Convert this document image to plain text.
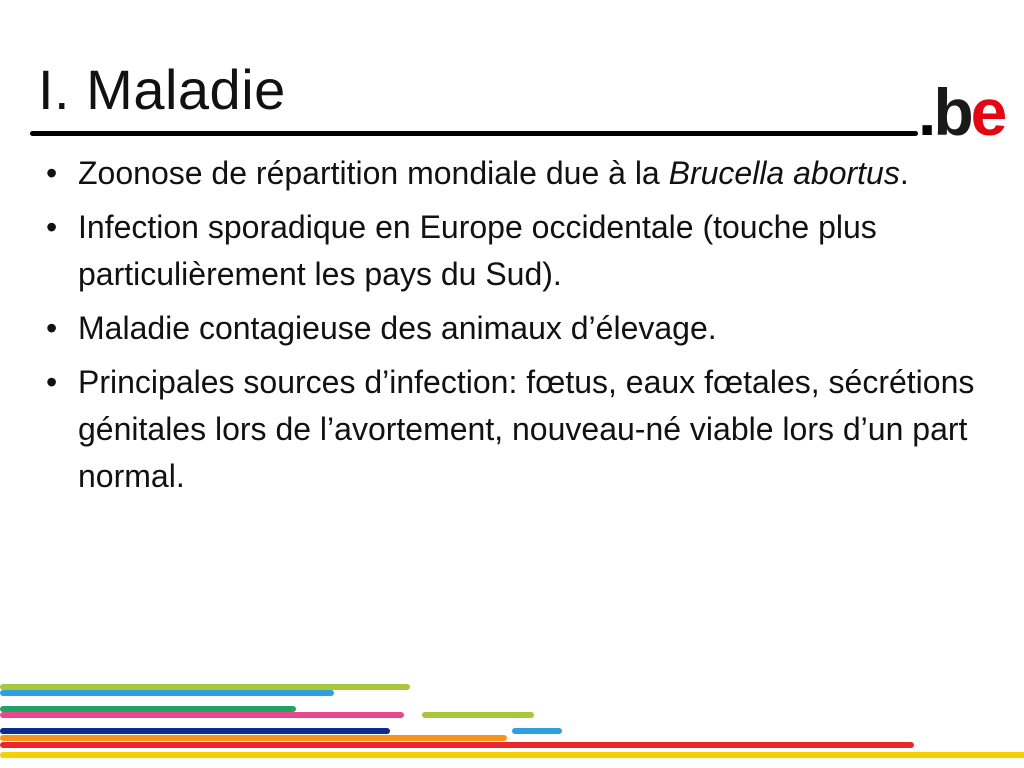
I. Maladie	.be
• Zoonose de répartition mondiale due à la Brucella abortus.
• Infection sporadique en Europe occidentale (touche plus particulièrement les pays du Sud).
• Maladie contagieuse des animaux d’élevage.
• Principales sources d’infection: fœtus, eaux fœtales, sécrétions génitales lors de l’avortement, nouveau-né viable lors d’un part normal.
